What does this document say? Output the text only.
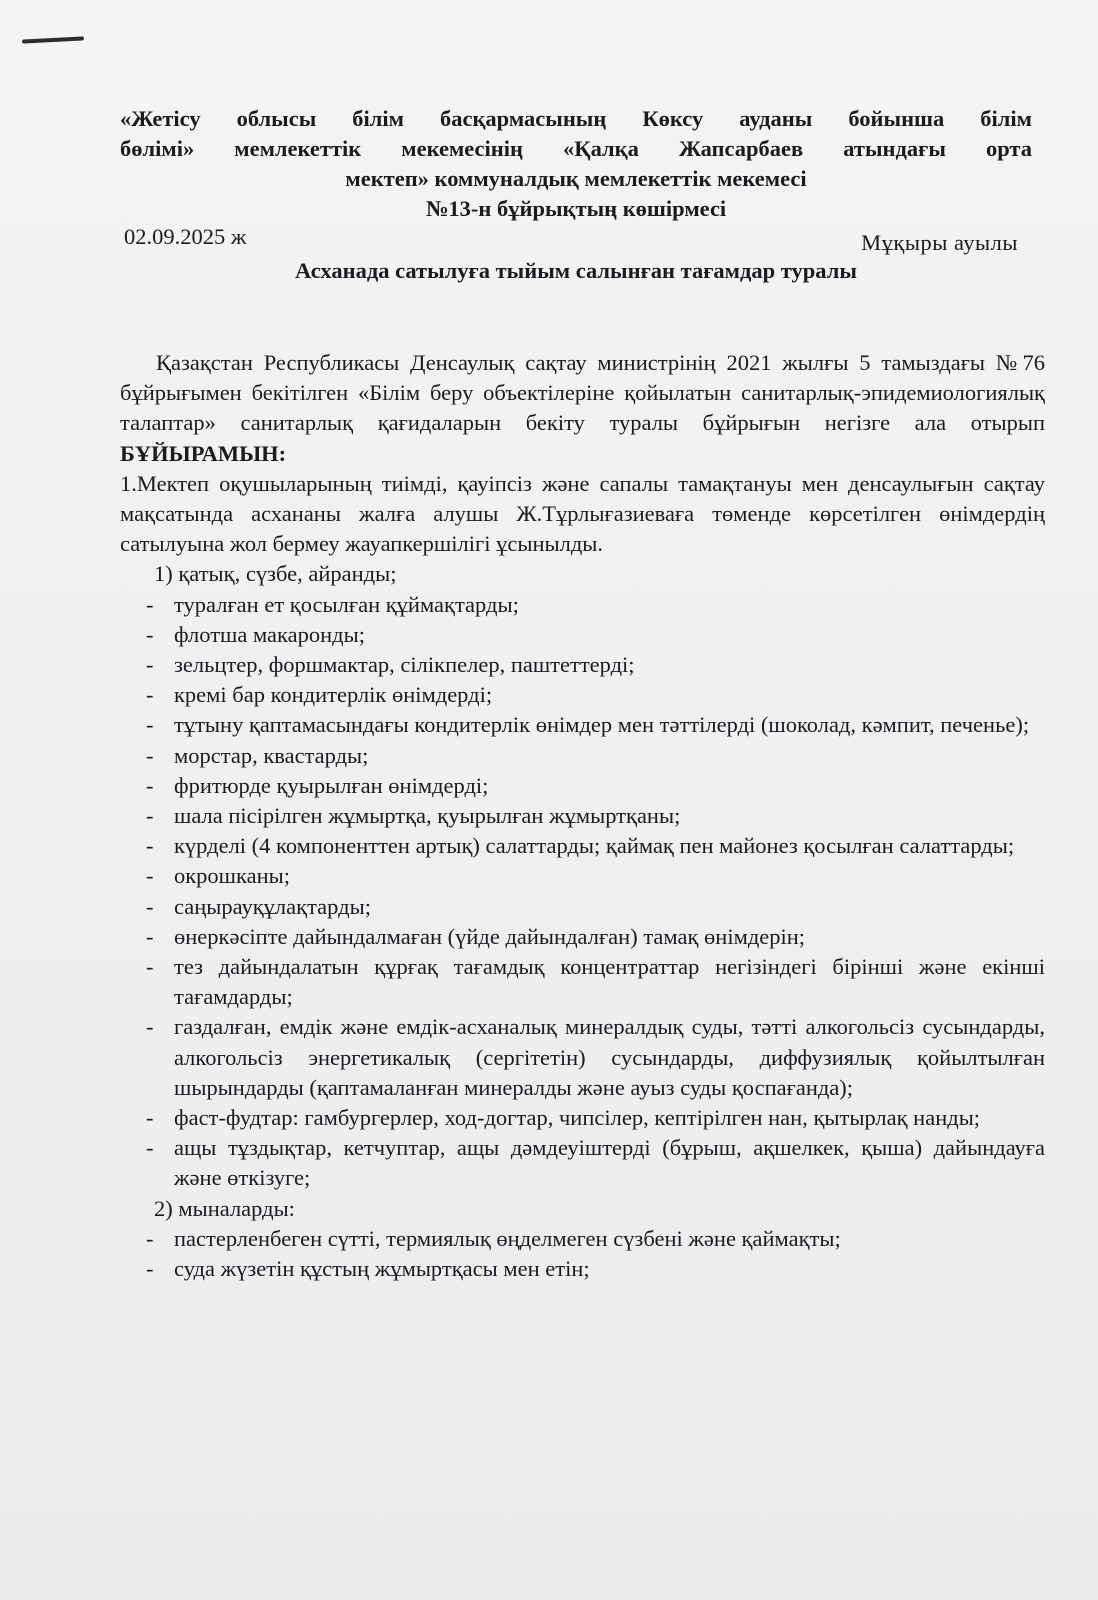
«Жетісу облысы білім басқармасының Көксу ауданы бойынша білім
бөлімі» мемлекеттік мекемесінің «Қалқа Жапсарбаев атындағы орта
мектеп» коммуналдық мемлекеттік мекемесі
№13-н бұйрықтың көшірмесі
02.09.2025 ж	Мұқыры ауылы
Асханада сатылуға тыйым салынған тағамдар туралы

Қазақстан Республикасы Денсаулық сақтау министрінің 2021 жылғы 5 тамыздағы №76 бұйрығымен бекітілген «Білім беру объектілеріне қойылатын санитарлық-эпидемиологиялық талаптар» санитарлық қағидаларын бекіту туралы бұйрығын негізге ала отырып БҰЙЫРАМЫН:

1.Мектеп оқушыларының тиімді, қауіпсіз және сапалы тамақтануы мен денсаулығын сақтау мақсатында асхананы жалға алушы Ж.Тұрлығазиеваға төменде көрсетілген өнімдердің сатылуына жол бермеу жауапкершілігі ұсынылды.

1) қатық, сүзбе, айранды;

- туралған ет қосылған құймақтарды;
- флотша макаронды;
- зельцтер, форшмактар, сілікпелер, паштеттерді;
- кремі бар кондитерлік өнімдерді;
- тұтыну қаптамасындағы кондитерлік өнімдер мен тәттілерді (шоколад, кәмпит, печенье);
- морстар, квастарды;
- фритюрде қуырылған өнімдерді;
- шала пісірілген жұмыртқа, қуырылған жұмыртқаны;
- күрделі (4 компоненттен артық) салаттарды; қаймақ пен майонез қосылған салаттарды;
- окрошканы;
- саңырауқұлақтарды;
- өнеркәсіпте дайындалмаған (үйде дайындалған) тамақ өнімдерін;
- тез дайындалатын құрғақ тағамдық концентраттар негізіндегі бірінші және екінші тағамдарды;
- газдалған, емдік және емдік-асханалық минералдық суды, тәтті алкогольсіз сусындарды, алкогольсіз энергетикалық (сергітетін) сусындарды, диффузиялық қойылтылған шырындарды (қаптамаланған минералды және ауыз суды қоспағанда);
- фаст-фудтар: гамбургерлер, ход-догтар, чипсілер, кептірілген нан, қытырлақ нанды;
- ащы тұздықтар, кетчуптар, ащы дәмдеуіштерді (бұрыш, ақшелкек, қыша) дайындауға және өткізуге;

2) мыналарды:

- пастерленбеген сүтті, термиялық өңделмеген сүзбені және қаймақты;
- суда жүзетін құстың жұмыртқасы мен етін;
